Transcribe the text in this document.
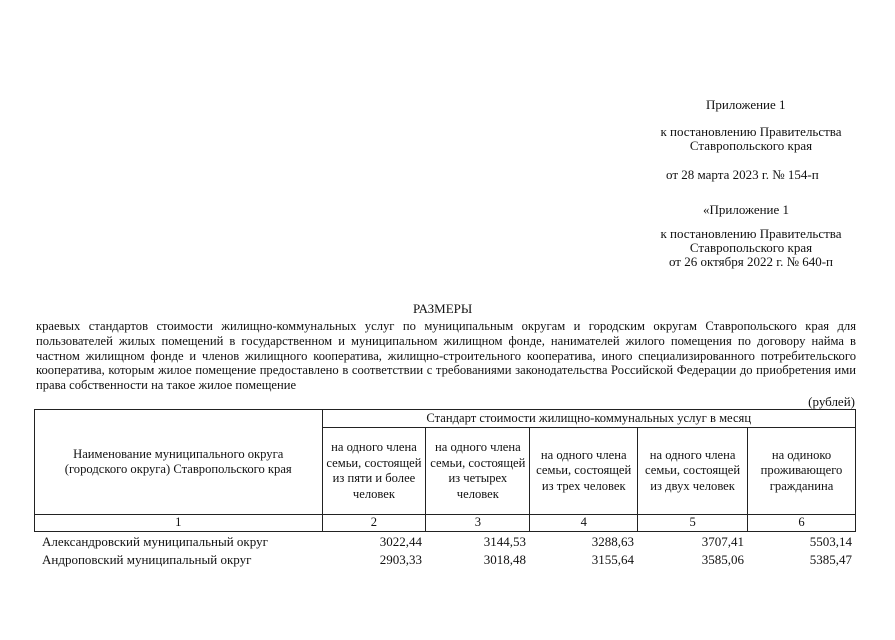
Приложение 1
к постановлению Правительства
Ставропольского края
от 28 марта 2023 г. № 154-п
«Приложение 1
к постановлению Правительства
Ставропольского края
от 26 октября 2022 г. № 640-п
РАЗМЕРЫ
краевых стандартов стоимости жилищно-коммунальных услуг по муниципальным округам и городским округам Ставропольского края для пользователей жилых помещений в государственном и муниципальном жилищном фонде, нанимателей жилого помещения по договору найма в частном жилищном фонде и членов жилищного кооператива, жилищно-строительного кооператива, иного специализированного потребительского кооператива, которым жилое помещение предоставлено в соответствии с требованиями законодательства Российской Федерации до приобретения ими права собственности на такое жилое помещение
(рублей)
Наименование муниципального округа (городского округа) Ставропольского края	Стандарт стоимости жилищно-коммунальных услуг в месяц				
	на одного члена семьи, состоящей из пяти и более человек	на одного члена семьи, состоящей из четырех человек	на одного члена семьи, состоящей из трех человек	на одного члена семьи, состоящей из двух человек	на одиноко проживающего гражданина
1	2	3	4	5	6
Александровский муниципальный округ	3022,44	3144,53	3288,63	3707,41	5503,14
Андроповский муниципальный округ	2903,33	3018,48	3155,64	3585,06	5385,47
